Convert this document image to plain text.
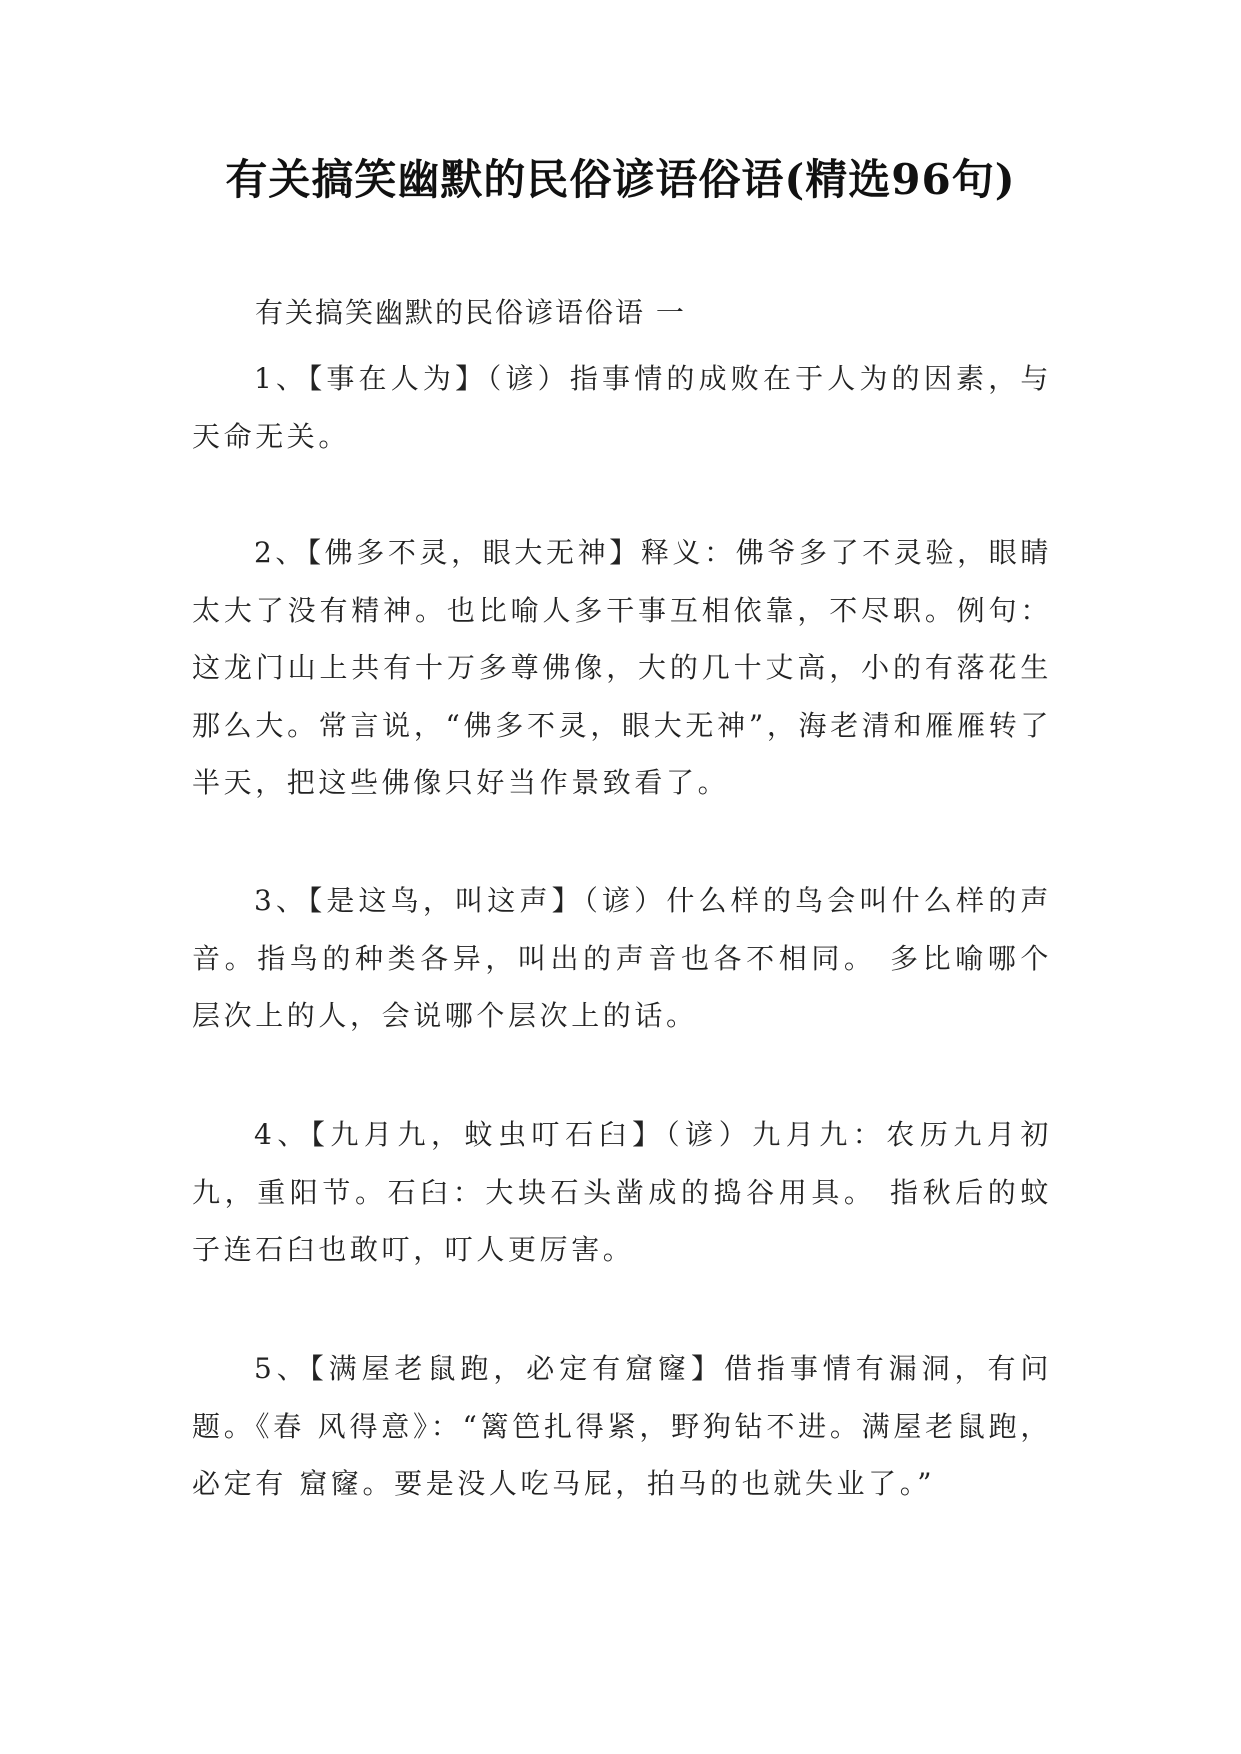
有关搞笑幽默的民俗谚语俗语(精选96句)

有关搞笑幽默的民俗谚语俗语 一

1、【事在人为】（谚）指事情的成败在于人为的因素，与天命无关。

2、【佛多不灵，眼大无神】释义：佛爷多了不灵验，眼睛太大了没有精神。也比喻人多干事互相依靠，不尽职。例句：这龙门山上共有十万多尊佛像，大的几十丈高，小的有落花生那么大。常言说，“佛多不灵，眼大无神”，海老清和雁雁转了半天，把这些佛像只好当作景致看了。

3、【是这鸟，叫这声】（谚）什么样的鸟会叫什么样的声音。指鸟的种类各异，叫出的声音也各不相同。 多比喻哪个层次上的人，会说哪个层次上的话。

4、【九月九，蚊虫叮石臼】（谚）九月九：农历九月初九，重阳节。石臼：大块石头凿成的捣谷用具。 指秋后的蚊子连石臼也敢叮，叮人更厉害。

5、【满屋老鼠跑，必定有窟窿】借指事情有漏洞，有问题。《春 风得意》：“篱笆扎得紧，野狗钻不进。满屋老鼠跑，必定有 窟窿。要是没人吃马屁，拍马的也就失业了。”
